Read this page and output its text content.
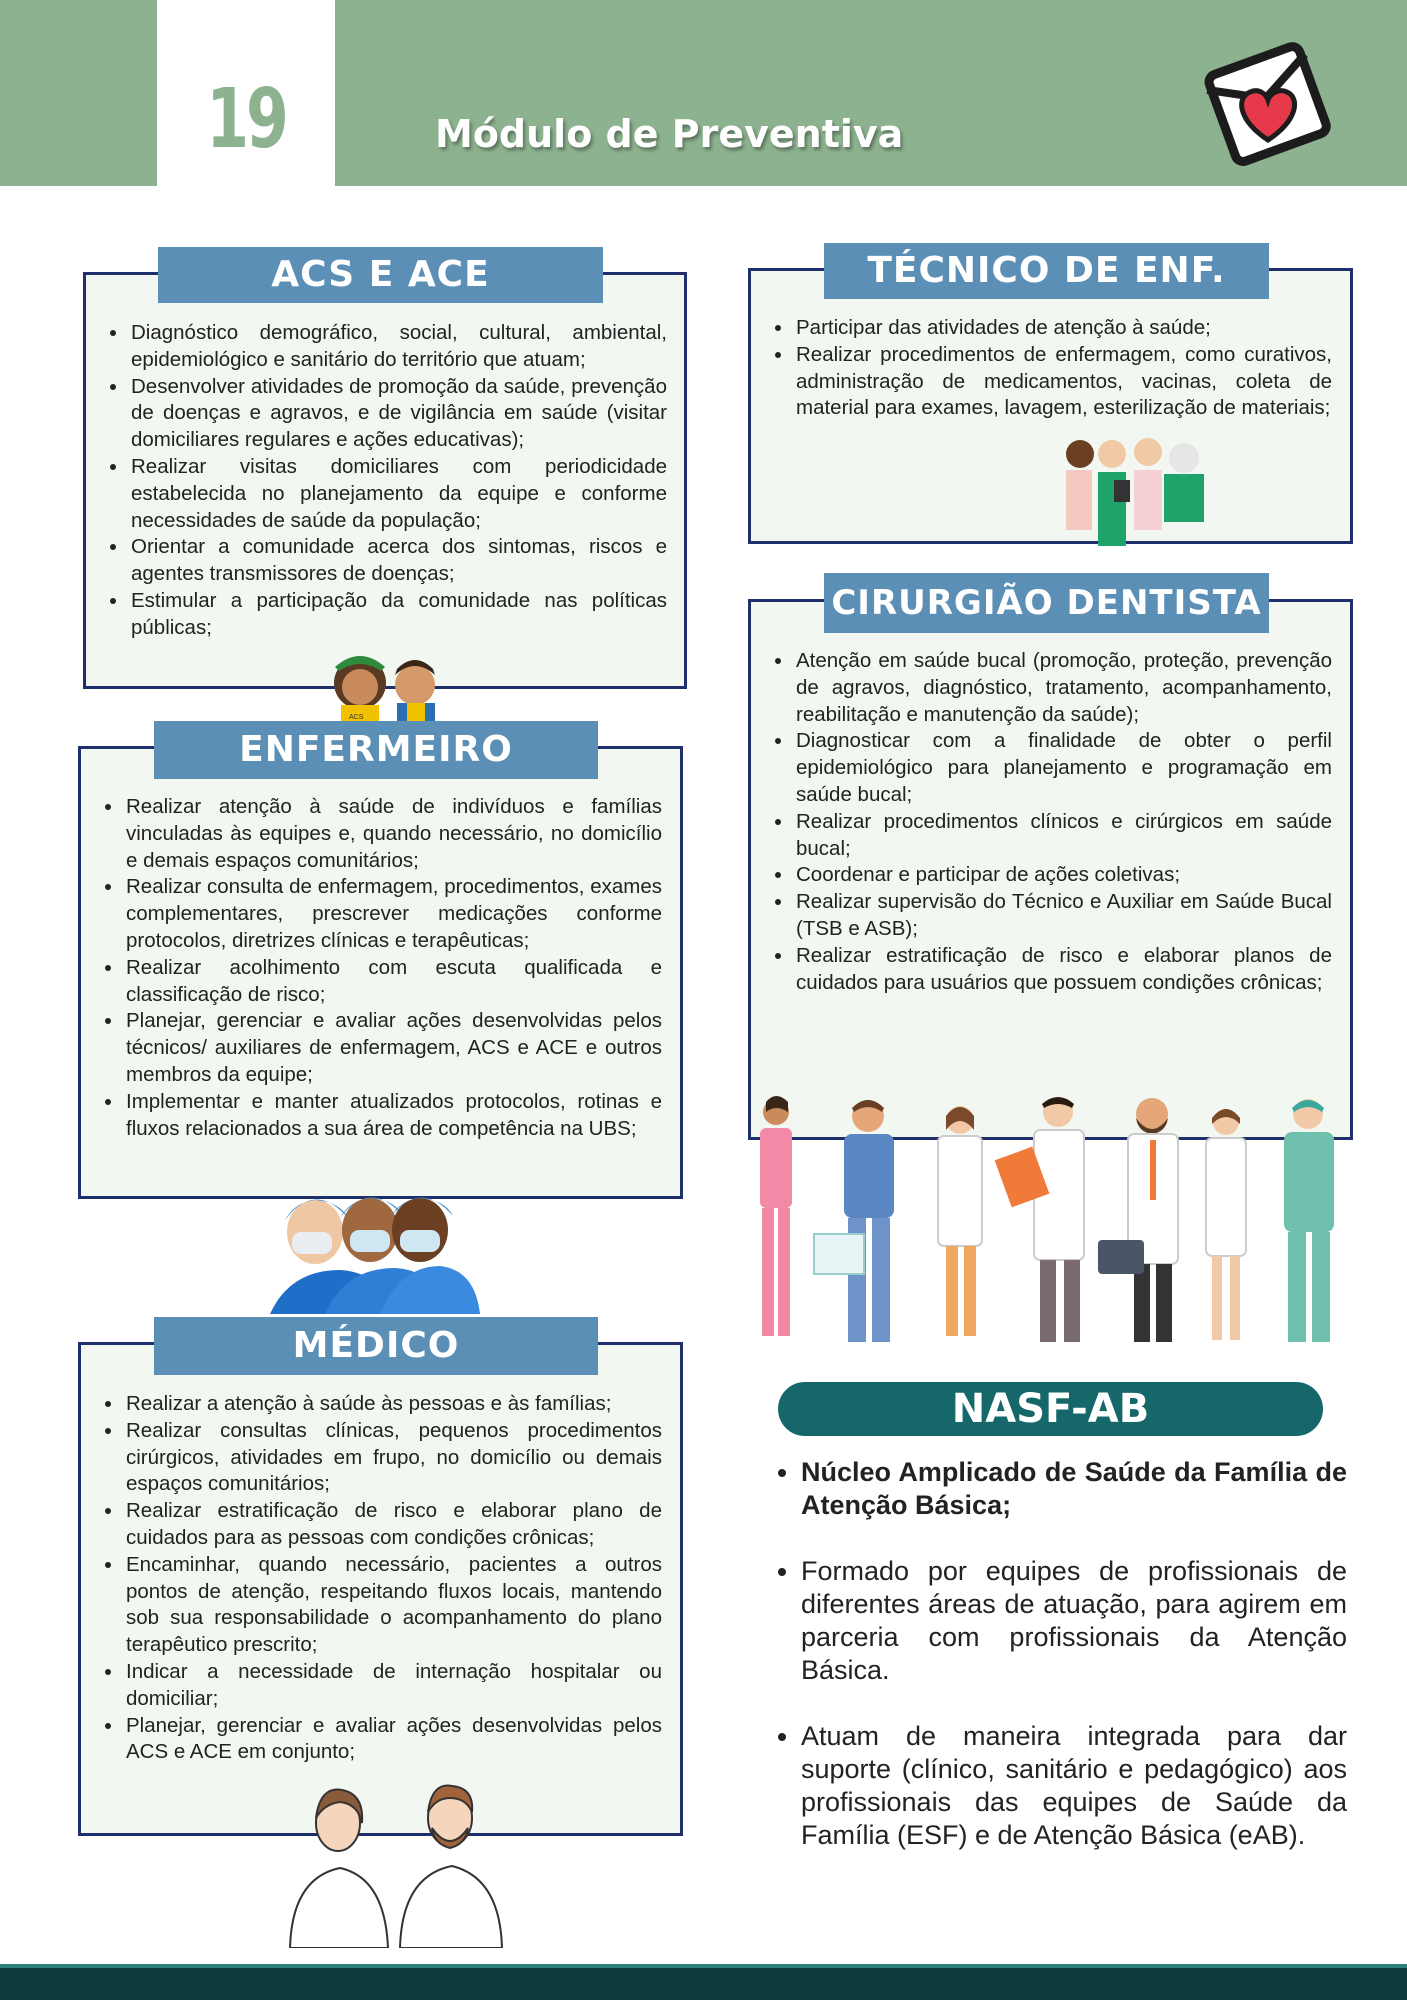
19	Módulo de Preventiva
ACS E ACE
• Diagnóstico demográfico, social, cultural, ambiental, epidemiológico e sanitário do território que atuam;
• Desenvolver atividades de promoção da saúde, prevenção de doenças e agravos, e de vigilância em saúde (visitar domiciliares regulares e ações educativas);
• Realizar visitas domiciliares com periodicidade estabelecida no planejamento da equipe e conforme necessidades de saúde da população;
• Orientar a comunidade acerca dos sintomas, riscos e agentes transmissores de doenças;
• Estimular a participação da comunidade nas políticas públicas;
ACS
ENFERMEIRO
• Realizar atenção à saúde de indivíduos e famílias vinculadas às equipes e, quando necessário, no domicílio e demais espaços comunitários;
• Realizar consulta de enfermagem, procedimentos, exames complementares, prescrever medicações conforme protocolos, diretrizes clínicas e terapêuticas;
• Realizar acolhimento com escuta qualificada e classificação de risco;
• Planejar, gerenciar e avaliar ações desenvolvidas pelos técnicos/ auxiliares de enfermagem, ACS e ACE e outros membros da equipe;
• Implementar e manter atualizados protocolos, rotinas e fluxos relacionados a sua área de competência na UBS;
MÉDICO
• Realizar a atenção à saúde às pessoas e às famílias;
• Realizar consultas clínicas, pequenos procedimentos cirúrgicos, atividades em frupo, no domicílio ou demais espaços comunitários;
• Realizar estratificação de risco e elaborar plano de cuidados para as pessoas com condições crônicas;
• Encaminhar, quando necessário, pacientes a outros pontos de atenção, respeitando fluxos locais, mantendo sob sua responsabilidade o acompanhamento do plano terapêutico prescrito;
• Indicar a necessidade de internação hospitalar ou domiciliar;
• Planejar, gerenciar e avaliar ações desenvolvidas pelos ACS e ACE em conjunto;
TÉCNICO DE ENF.
• Participar das atividades de atenção à saúde;
• Realizar procedimentos de enfermagem, como curativos, administração de medicamentos, vacinas, coleta de material para exames, lavagem, esterilização de materiais;
CIRURGIÃO DENTISTA
• Atenção em saúde bucal (promoção, proteção, prevenção de agravos, diagnóstico, tratamento, acompanhamento, reabilitação e manutenção da saúde);
• Diagnosticar com a finalidade de obter o perfil epidemiológico para planejamento e programação em saúde bucal;
• Realizar procedimentos clínicos e cirúrgicos em saúde bucal;
• Coordenar e participar de ações coletivas;
• Realizar supervisão do Técnico e Auxiliar em Saúde Bucal (TSB e ASB);
• Realizar estratificação de risco e elaborar planos de cuidados para usuários que possuem condições crônicas;
NASF-AB
• Núcleo Amplicado de Saúde da Família de Atenção Básica;
• Formado por equipes de profissionais de diferentes áreas de atuação, para agirem em parceria com profissionais da Atenção Básica.
• Atuam de maneira integrada para dar suporte (clínico, sanitário e pedagógico) aos profissionais das equipes de Saúde da Família (ESF) e de Atenção Básica (eAB).
